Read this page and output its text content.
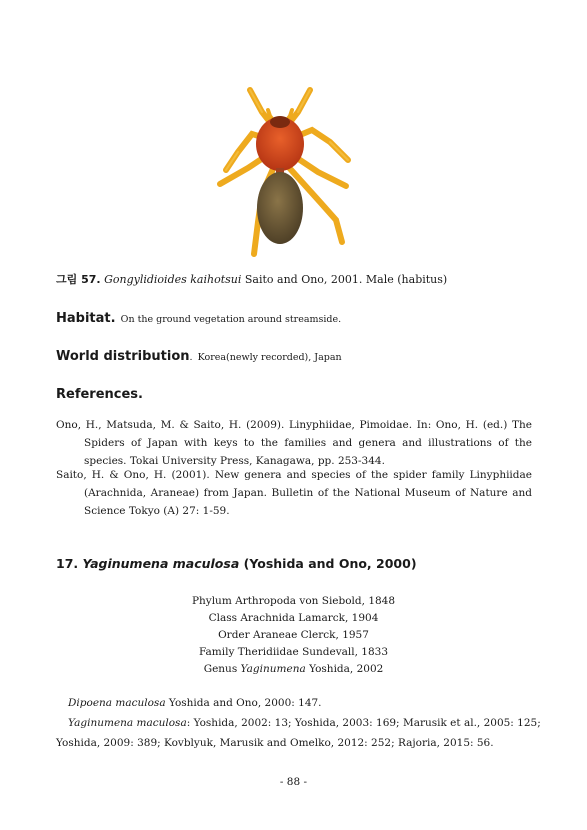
그림 57. Gongylidioides kaihotsui Saito and Ono, 2001. Male (habitus)
Habitat. On the ground vegetation around streamside.
World distribution. Korea(newly recorded), Japan
References.
Ono, H., Matsuda, M. & Saito, H. (2009). Linyphiidae, Pimoidae. In: Ono, H. (ed.) The Spiders of Japan with keys to the families and genera and illustrations of the species. Tokai University Press, Kanagawa, pp. 253-344.
Saito, H. & Ono, H. (2001). New genera and species of the spider family Linyphiidae (Arachnida, Araneae) from Japan. Bulletin of the National Museum of Nature and Science Tokyo (A) 27: 1-59.
17. Yaginumena maculosa (Yoshida and Ono, 2000)
Phylum Arthropoda von Siebold, 1848
Class Arachnida Lamarck, 1904
Order Araneae Clerck, 1957
Family Theridiidae Sundevall, 1833
Genus Yaginumena Yoshida, 2002
Dipoena maculosa Yoshida and Ono, 2000: 147.
Yaginumena maculosa: Yoshida, 2002: 13; Yoshida, 2003: 169; Marusik et al., 2005: 125;
Yoshida, 2009: 389; Kovblyuk, Marusik and Omelko, 2012: 252; Rajoria, 2015: 56.
- 88 -
